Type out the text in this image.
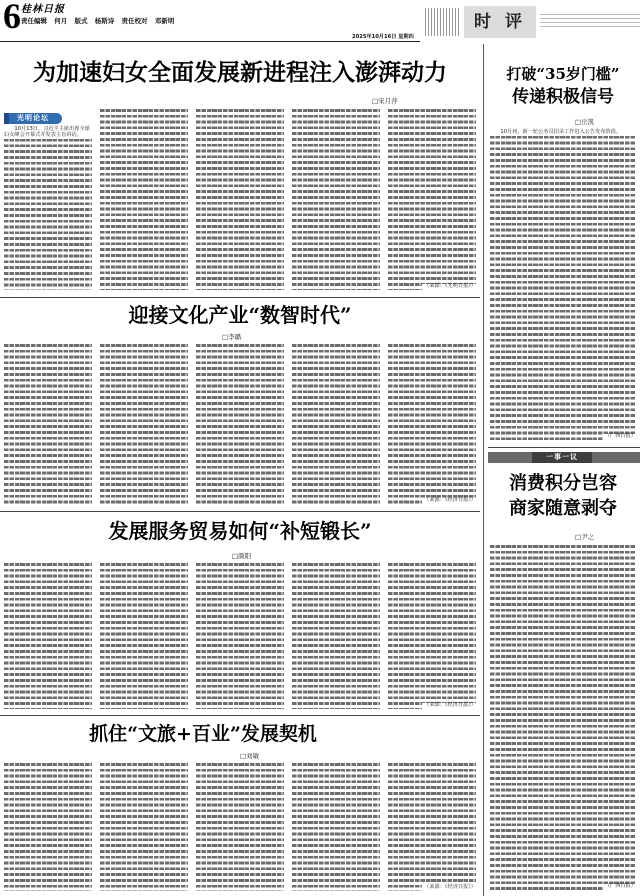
6 桂林日报
责任编辑 何月 版式 杨斯诗 责任校对 邓新明
2025年10月16日 星期四
时 评
为加速妇女全面发展新进程注入澎湃动力
□宋月萍
光明论坛
10月13日，习近平主席出席全球妇女峰会开幕式并发表主旨讲话。
（来源：《光明日报》）
迎接文化产业“数智时代”
□李璐
（来源：《经济日报》）
发展服务贸易如何“补短锻长”
□颜阳
（来源：《经济日报》）
抓住“文旅+百业”发展契机
□刘敏
（来源：《经济日报》）
打破“35岁门槛”
传递积极信号
□岳凯
10月初，新一轮公务员招录工作进入公告发布阶段。
（广西日报）
一事一议
消费积分岂容
商家随意剥夺
□尹之
（广西日报）
